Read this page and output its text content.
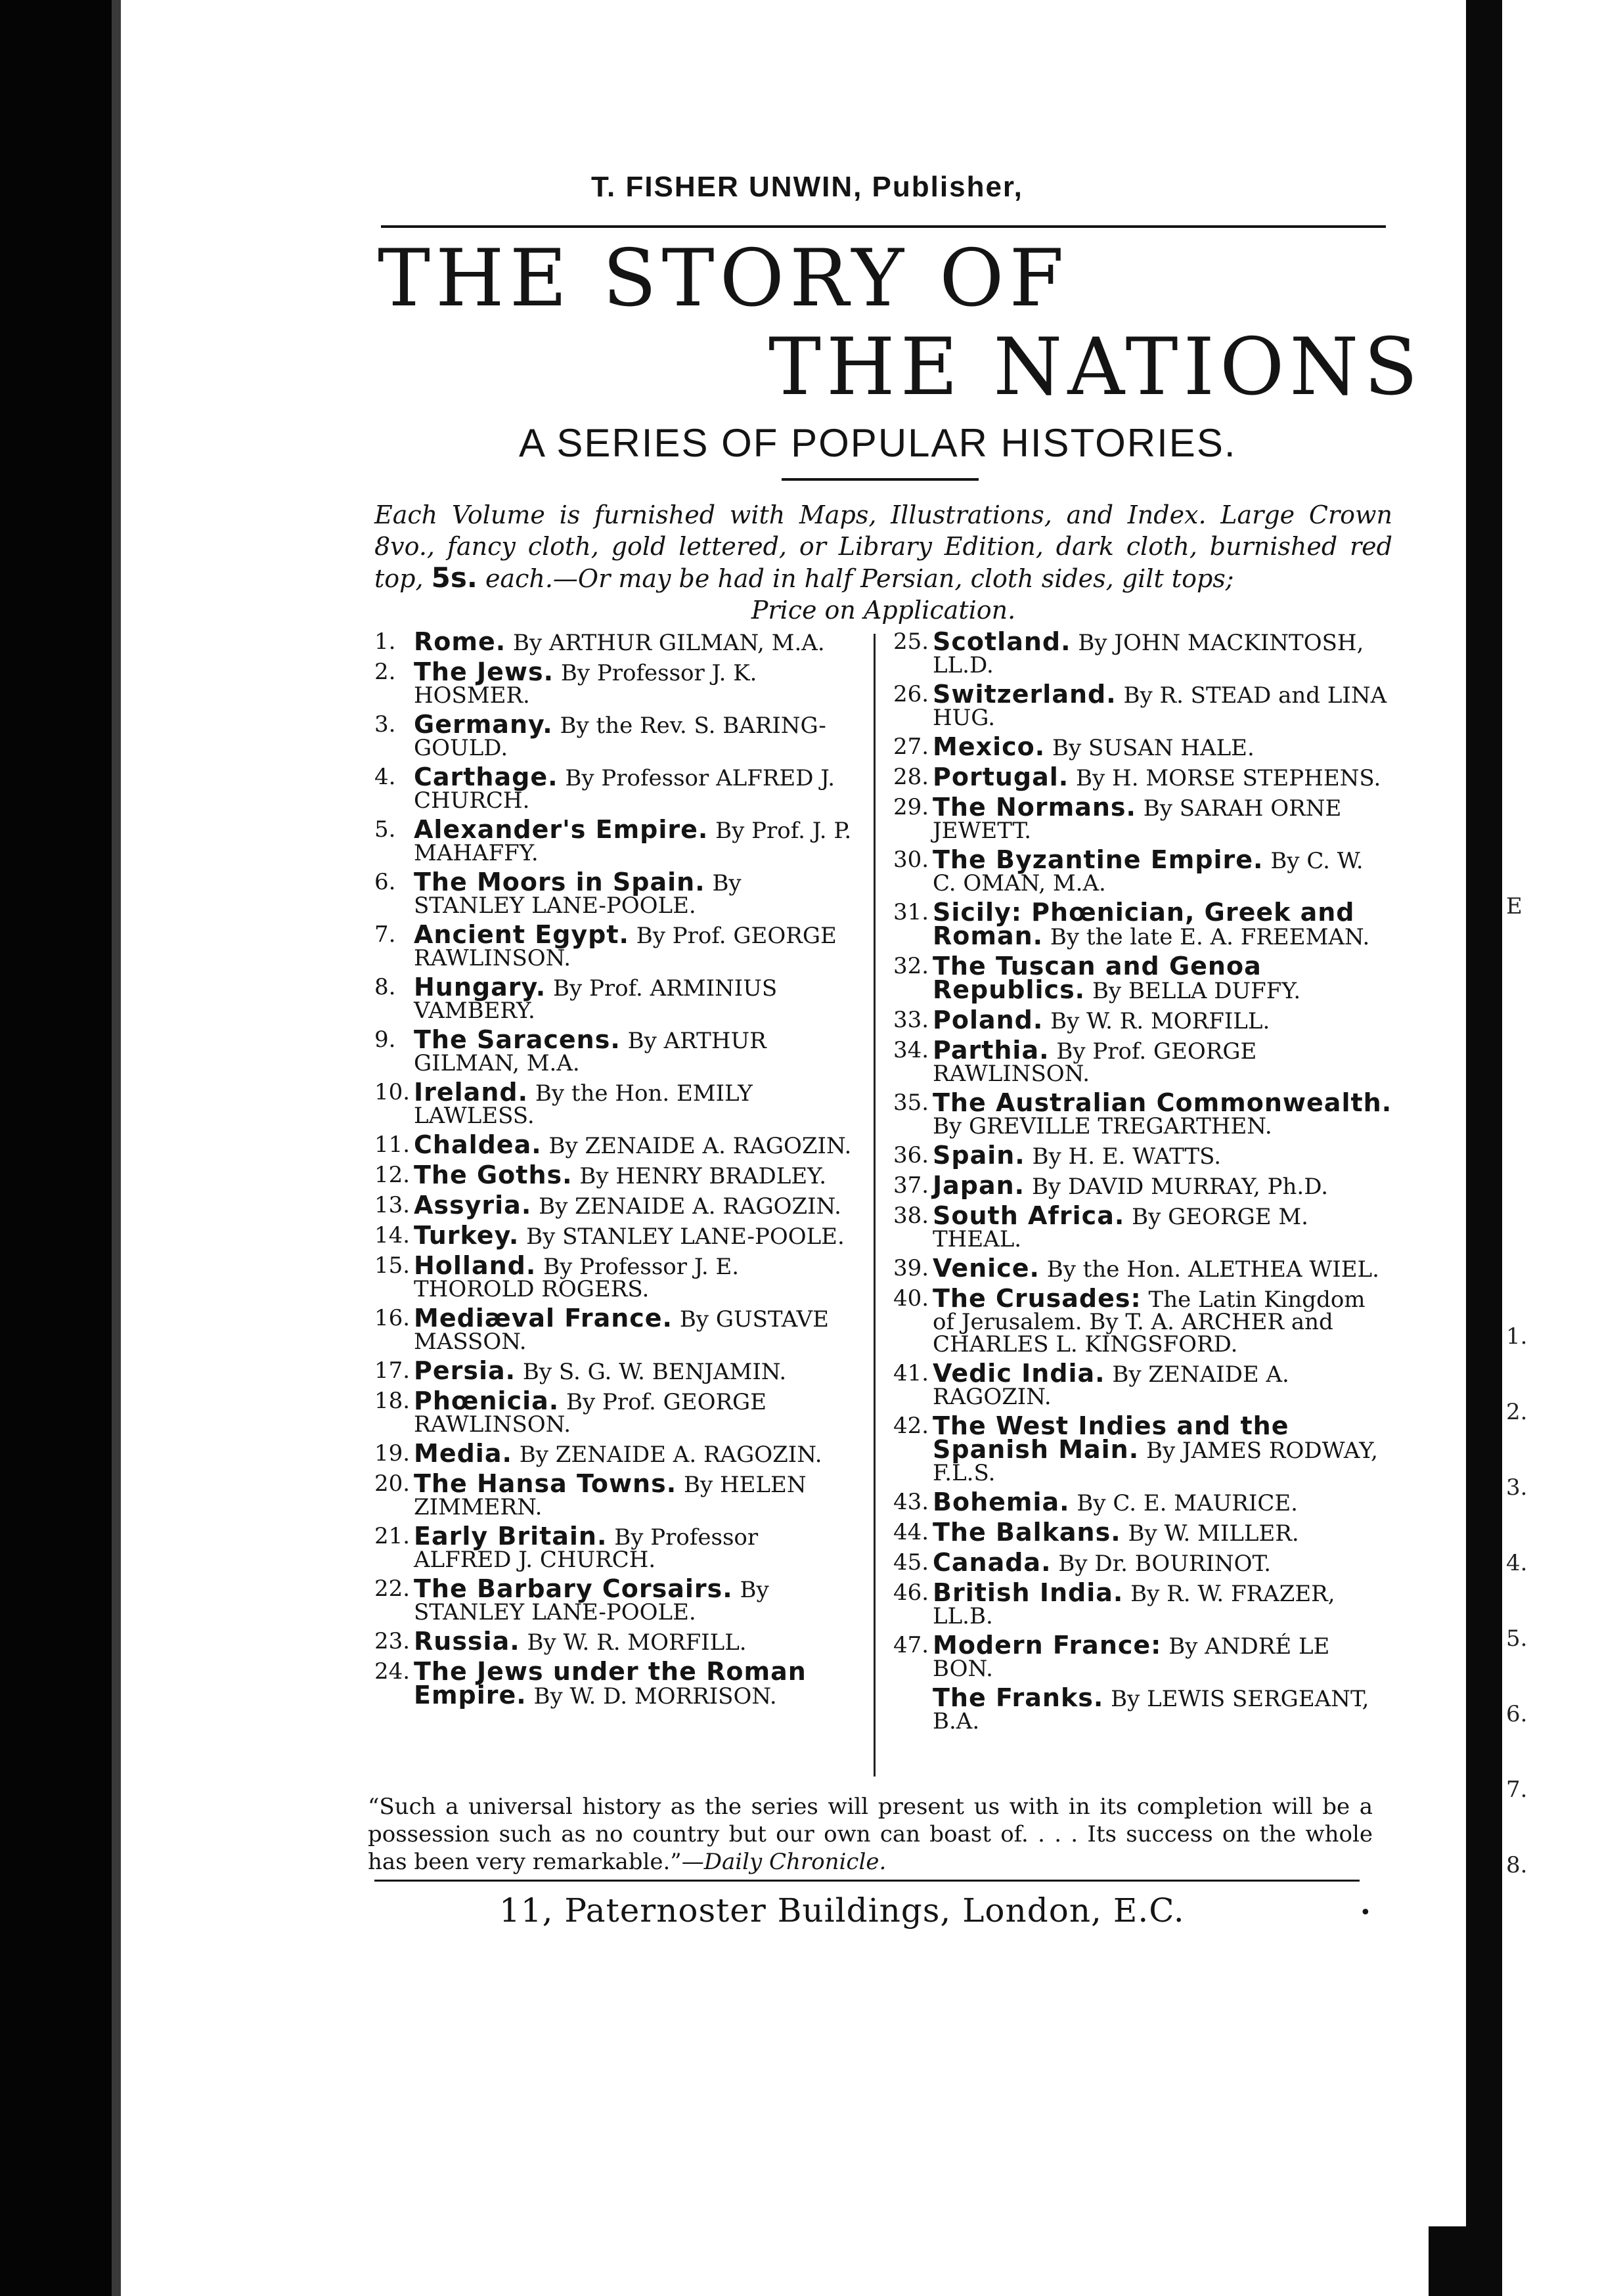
T. FISHER UNWIN, Publisher,
THE STORY OF
THE NATIONS
A SERIES OF POPULAR HISTORIES.
Each Volume is furnished with Maps, Illustrations, and Index. Large Crown 8vo., fancy cloth, gold lettered, or Library Edition, dark cloth, burnished red top, 5s. each.—Or may be had in half Persian, cloth sides, gilt tops;
Price on Application.
1. Rome. By ARTHUR GILMAN, M.A.
2. The Jews. By Professor J. K. HOSMER.
3. Germany. By the Rev. S. BARING-GOULD.
4. Carthage. By Professor ALFRED J. CHURCH.
5. Alexander's Empire. By Prof. J. P. MAHAFFY.
6. The Moors in Spain. By STANLEY LANE-POOLE.
7. Ancient Egypt. By Prof. GEORGE RAWLINSON.
8. Hungary. By Prof. ARMINIUS VAMBERY.
9. The Saracens. By ARTHUR GILMAN, M.A.
10. Ireland. By the Hon. EMILY LAWLESS.
11. Chaldea. By ZENAIDE A. RAGOZIN.
12. The Goths. By HENRY BRADLEY.
13. Assyria. By ZENAIDE A. RAGOZIN.
14. Turkey. By STANLEY LANE-POOLE.
15. Holland. By Professor J. E. THOROLD ROGERS.
16. Mediæval France. By GUSTAVE MASSON.
17. Persia. By S. G. W. BENJAMIN.
18. Phœnicia. By Prof. GEORGE RAWLINSON.
19. Media. By ZENAIDE A. RAGOZIN.
20. The Hansa Towns. By HELEN ZIMMERN.
21. Early Britain. By Professor ALFRED J. CHURCH.
22. The Barbary Corsairs. By STANLEY LANE-POOLE.
23. Russia. By W. R. MORFILL.
24. The Jews under the Roman Empire. By W. D. MORRISON.
25. Scotland. By JOHN MACKINTOSH, LL.D.
26. Switzerland. By R. STEAD and LINA HUG.
27. Mexico. By SUSAN HALE.
28. Portugal. By H. MORSE STEPHENS.
29. The Normans. By SARAH ORNE JEWETT.
30. The Byzantine Empire. By C. W. C. OMAN, M.A.
31. Sicily: Phœnician, Greek and Roman. By the late E. A. FREEMAN.
32. The Tuscan and Genoa Republics. By BELLA DUFFY.
33. Poland. By W. R. MORFILL.
34. Parthia. By Prof. GEORGE RAWLINSON.
35. The Australian Commonwealth. By GREVILLE TREGARTHEN.
36. Spain. By H. E. WATTS.
37. Japan. By DAVID MURRAY, Ph.D.
38. South Africa. By GEORGE M. THEAL.
39. Venice. By the Hon. ALETHEA WIEL.
40. The Crusades: The Latin Kingdom of Jerusalem. By T. A. ARCHER and CHARLES L. KINGSFORD.
41. Vedic India. By ZENAIDE A. RAGOZIN.
42. The West Indies and the Spanish Main. By JAMES RODWAY, F.L.S.
43. Bohemia. By C. E. MAURICE.
44. The Balkans. By W. MILLER.
45. Canada. By Dr. BOURINOT.
46. British India. By R. W. FRAZER, LL.B.
47. Modern France: By ANDRÉ LE BON.
The Franks. By LEWIS SERGEANT, B.A.
“Such a universal history as the series will present us with in its completion will be a possession such as no country but our own can boast of. . . . Its success on the whole has been very remarkable.”—Daily Chronicle.
11, Paternoster Buildings, London, E.C.	•
E
1.
2.
3.
4.
5.
6.
7.
8.
